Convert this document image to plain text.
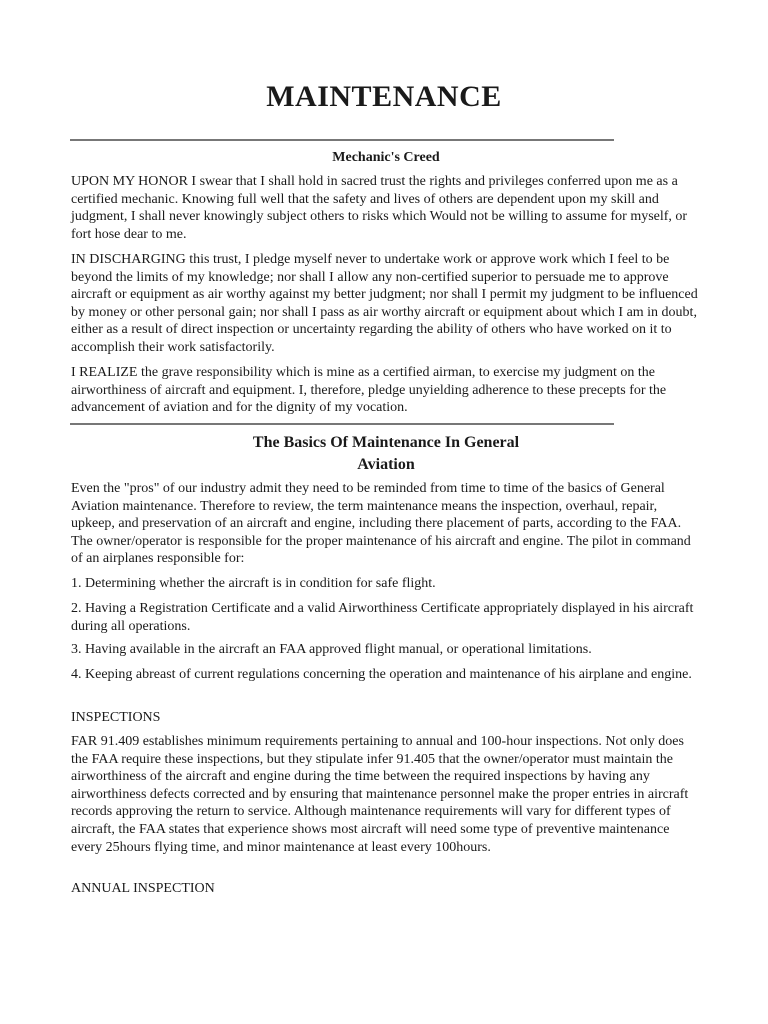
MAINTENANCE
Mechanic's Creed

UPON MY HONOR I swear that I shall hold in sacred trust the rights and privileges conferred upon me as a certified mechanic. Knowing full well that the safety and lives of others are dependent upon my skill and judgment, I shall never knowingly subject others to risks which Would not be willing to assume for myself, or fort hose dear to me.

IN DISCHARGING this trust, I pledge myself never to undertake work or approve work which I feel to be beyond the limits of my knowledge; nor shall I allow any non-certified superior to persuade me to approve aircraft or equipment as air worthy against my better judgment; nor shall I permit my judgment to be influenced by money or other personal gain; nor shall I pass as air worthy aircraft or equipment about which I am in doubt, either as a result of direct inspection or uncertainty regarding the ability of others who have worked on it to accomplish their work satisfactorily.

I REALIZE the grave responsibility which is mine as a certified airman, to exercise my judgment on the airworthiness of aircraft and equipment. I, therefore, pledge unyielding adherence to these precepts for the advancement of aviation and for the dignity of my vocation.

The Basics Of Maintenance In General
Aviation

Even the "pros" of our industry admit they need to be reminded from time to time of the basics of General Aviation maintenance. Therefore to review, the term maintenance means the inspection, overhaul, repair, upkeep, and preservation of an aircraft and engine, including there placement of parts, according to the FAA. The owner/operator is responsible for the proper maintenance of his aircraft and engine. The pilot in command of an airplanes responsible for:

1. Determining whether the aircraft is in condition for safe flight.

2. Having a Registration Certificate and a valid Airworthiness Certificate appropriately displayed in his aircraft during all operations.

3. Having available in the aircraft an FAA approved flight manual, or operational limitations.

4. Keeping abreast of current regulations concerning the operation and maintenance of his airplane and engine.

INSPECTIONS

FAR 91.409 establishes minimum requirements pertaining to annual and 100-hour inspections. Not only does the FAA require these inspections, but they stipulate infer 91.405 that the owner/operator must maintain the airworthiness of the aircraft and engine during the time between the required inspections by having any airworthiness defects corrected and by ensuring that maintenance personnel make the proper entries in aircraft records approving the return to service. Although maintenance requirements will vary for different types of aircraft, the FAA states that experience shows most aircraft will need some type of preventive maintenance every 25hours flying time, and minor maintenance at least every 100hours.

ANNUAL INSPECTION
